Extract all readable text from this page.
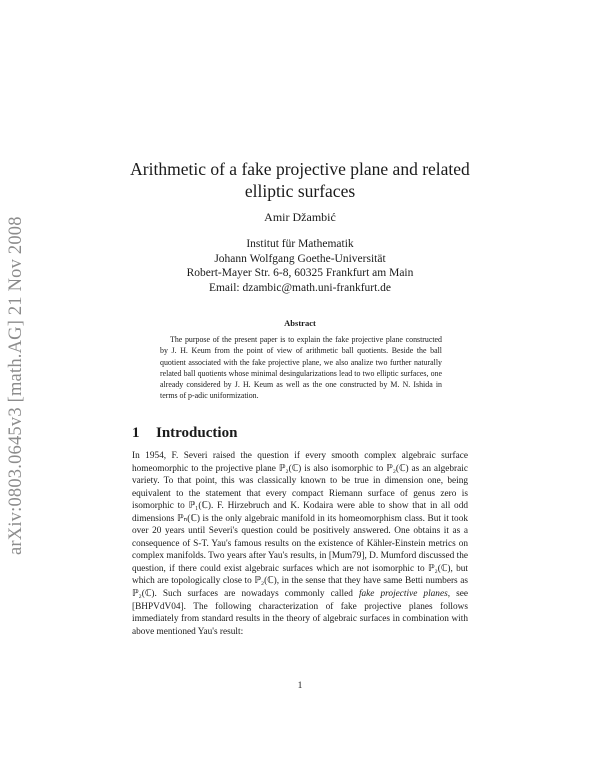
arXiv:0803.0645v3 [math.AG] 21 Nov 2008
Arithmetic of a fake projective plane and related elliptic surfaces
Amir Džambić
Institut für Mathematik
Johann Wolfgang Goethe-Universität
Robert-Mayer Str. 6-8, 60325 Frankfurt am Main
Email: dzambic@math.uni-frankfurt.de
Abstract

The purpose of the present paper is to explain the fake projective plane constructed by J. H. Keum from the point of view of arithmetic ball quotients. Beside the ball quotient associated with the fake projective plane, we also analize two further naturally related ball quotients whose minimal desingularizations lead to two elliptic surfaces, one already considered by J. H. Keum as well as the one constructed by M. N. Ishida in terms of p-adic uniformization.

1 Introduction

In 1954, F. Severi raised the question if every smooth complex algebraic surface homeomorphic to the projective plane ℙ₂(ℂ) is also isomorphic to ℙ₂(ℂ) as an algebraic variety. To that point, this was classically known to be true in dimension one, being equivalent to the statement that every compact Riemann surface of genus zero is isomorphic to ℙ₁(ℂ). F. Hirzebruch and K. Kodaira were able to show that in all odd dimensions ℙₙ(ℂ) is the only algebraic manifold in its homeomorphism class. But it took over 20 years until Severi's question could be positively answered. One obtains it as a consequence of S-T. Yau's famous results on the existence of Kähler-Einstein metrics on complex manifolds. Two years after Yau's results, in [Mum79], D. Mumford discussed the question, if there could exist algebraic surfaces which are not isomorphic to ℙ₂(ℂ), but which are topologically close to ℙ₂(ℂ), in the sense that they have same Betti numbers as ℙ₂(ℂ). Such surfaces are nowadays commonly called fake projective planes, see [BHPVdV04]. The following characterization of fake projective planes follows immediately from standard results in the theory of algebraic surfaces in combination with above mentioned Yau's result:

1
